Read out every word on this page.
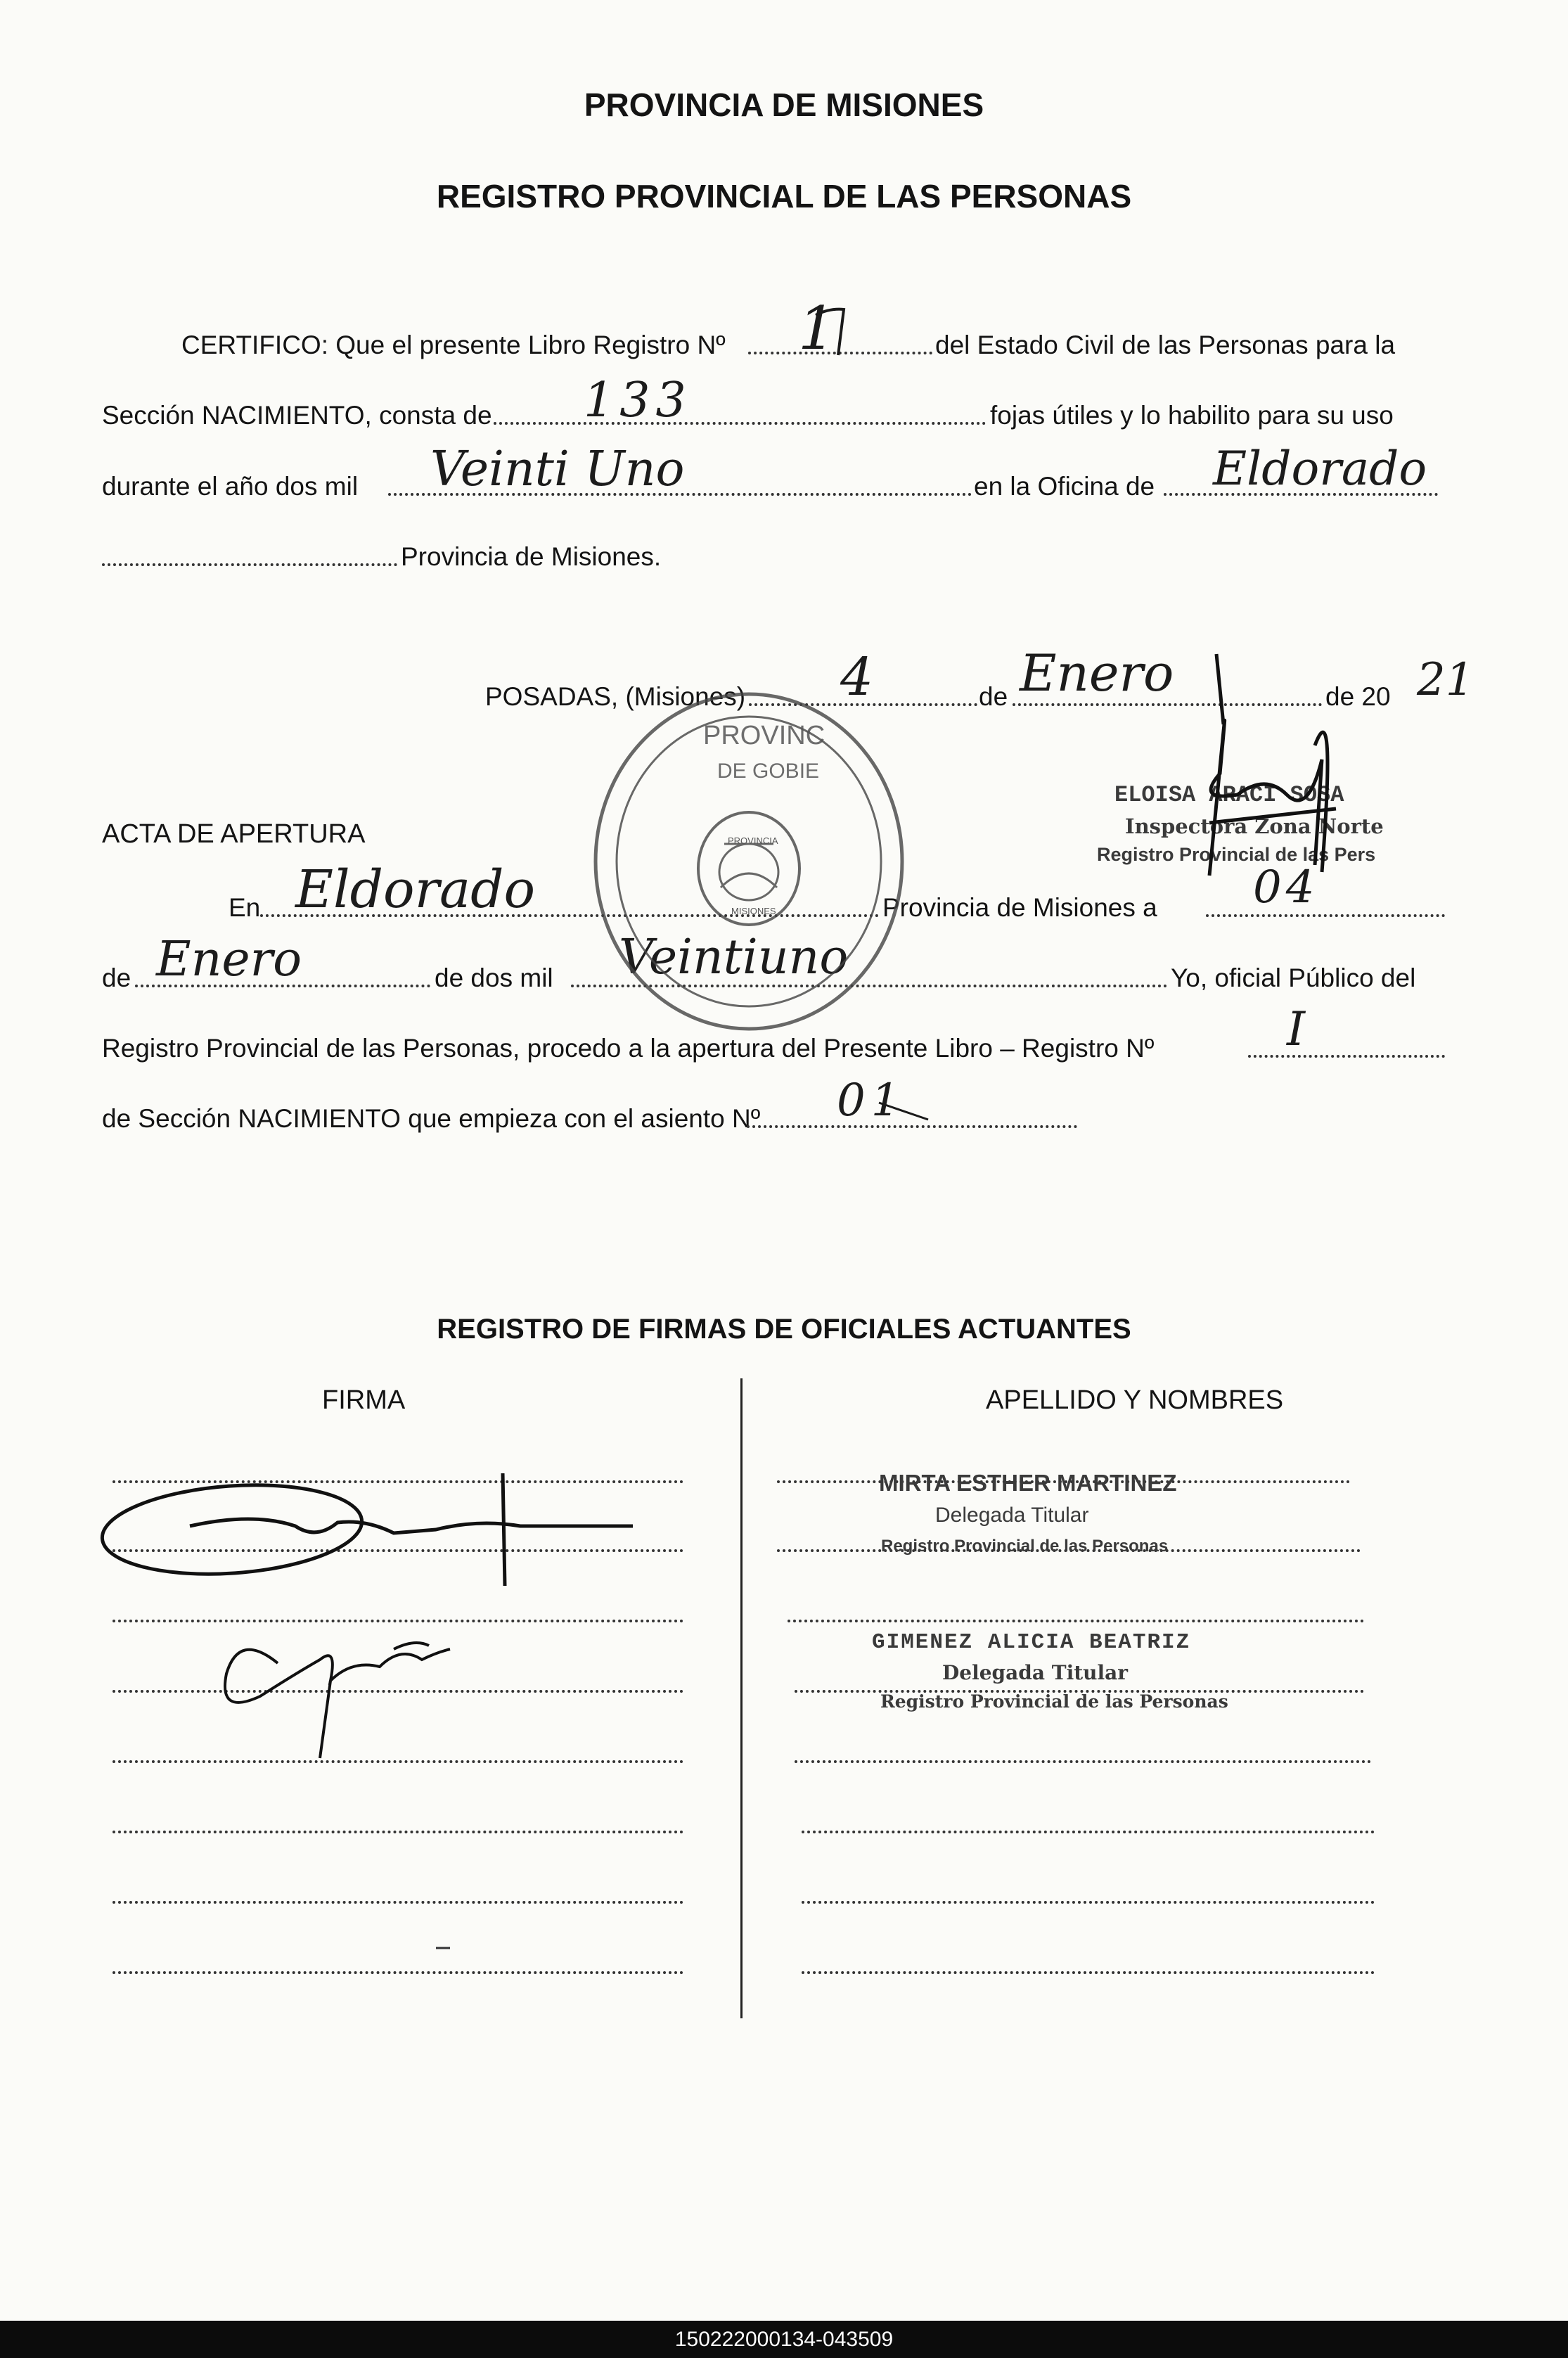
PROVINCIA DE MISIONES
REGISTRO PROVINCIAL DE LAS PERSONAS
CERTIFICO: Que el presente Libro Registro Nº 1	del Estado Civil de las Personas para la
Sección NACIMIENTO, consta de 133	fojas útiles y lo habilito para su uso
durante el año dos mil Veinti Uno	en la Oficina de Eldorado
Provincia de Misiones.
POSADAS, (Misiones) 4	de Enero	de 20 21
ELOISA ARACI SOSA
Inspectora Zona Norte
Registro Provincial de las Pers
ACTA DE APERTURA
En Eldorado	Provincia de Misiones a 04
de Enero	de dos mil Veintiuno	Yo, oficial Público del
Registro Provincial de las Personas, procedo a la apertura del Presente Libro – Registro Nº	I
de Sección NACIMIENTO que empieza con el asiento Nº 01
REGISTRO DE FIRMAS DE OFICIALES ACTUANTES
FIRMA	APELLIDO Y NOMBRES
MIRTA ESTHER MARTINEZ
Delegada Titular
Registro Provincial de las Personas
GIMENEZ ALICIA BEATRIZ
Delegada Titular
Registro Provincial de las Personas
PROVINC
DE GOBIE
PROVINCIA
MISIONES
150222000134-043509
